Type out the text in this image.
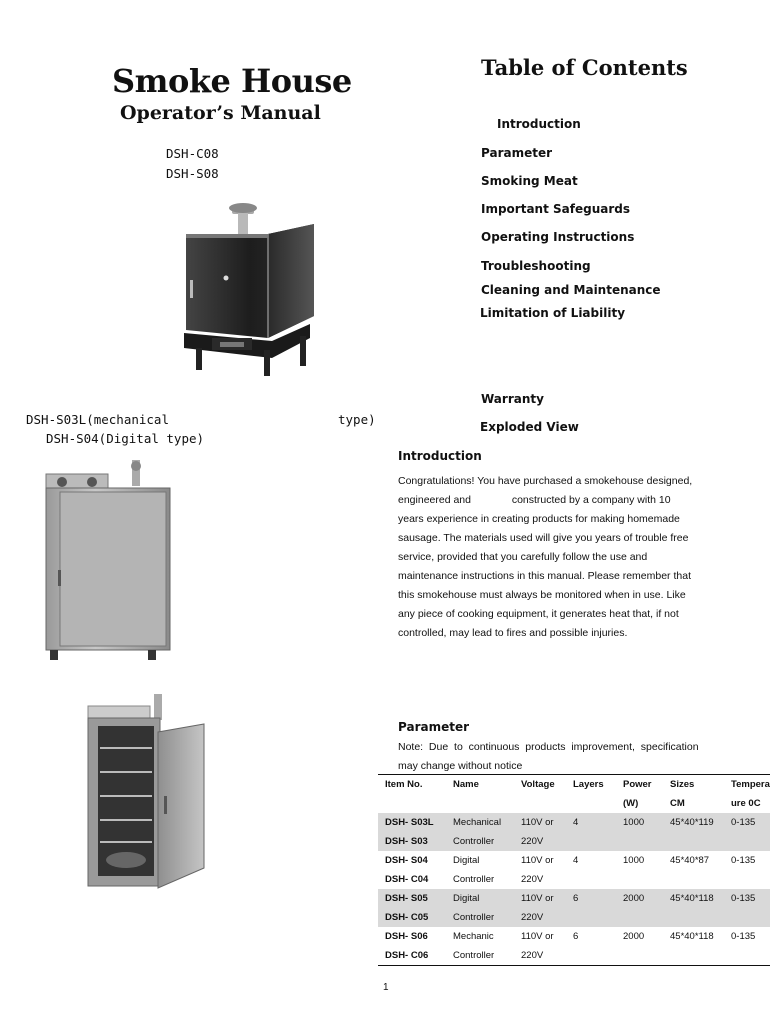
Smoke House
Operator’s Manual
DSH-C08
DSH-S08
DSH-S03L(mechanical	type)
DSH-S04(Digital type)
Table of Contents
Introduction
Parameter
Smoking Meat
Important Safeguards
Operating Instructions
Troubleshooting
Cleaning and Maintenance
Limitation of Liability
Warranty
Exploded View
Introduction
Congratulations! You have purchased a smokehouse designed,
engineered and              constructed by a company with 10
years experience in creating products for making homemade
sausage. The materials used will give you years of trouble free
service, provided that you carefully follow the use and
maintenance instructions in this manual. Please remember that
this smokehouse must always be monitored when in use. Like
any piece of cooking equipment, it generates heat that, if not
controlled, may lead to fires and possible injuries.
Parameter
Note:  Due  to  continuous  products  improvement,  specification
may change without notice
Item No.	Name	Voltage	Layers	Power	Sizes	Tempera
				(W)	CM	ure 0C
DSH- S03L	Mechanical	110V or	4	1000	45*40*119	0-135
DSH- S03	Controller	220V				
DSH- S04	Digital	110V or	4	1000	45*40*87	0-135
DSH- C04	Controller	220V				
DSH- S05	Digital	110V or	6	2000	45*40*118	0-135
DSH- C05	Controller	220V				
DSH- S06	Mechanic	110V or	6	2000	45*40*118	0-135
DSH- C06	Controller	220V				
1
